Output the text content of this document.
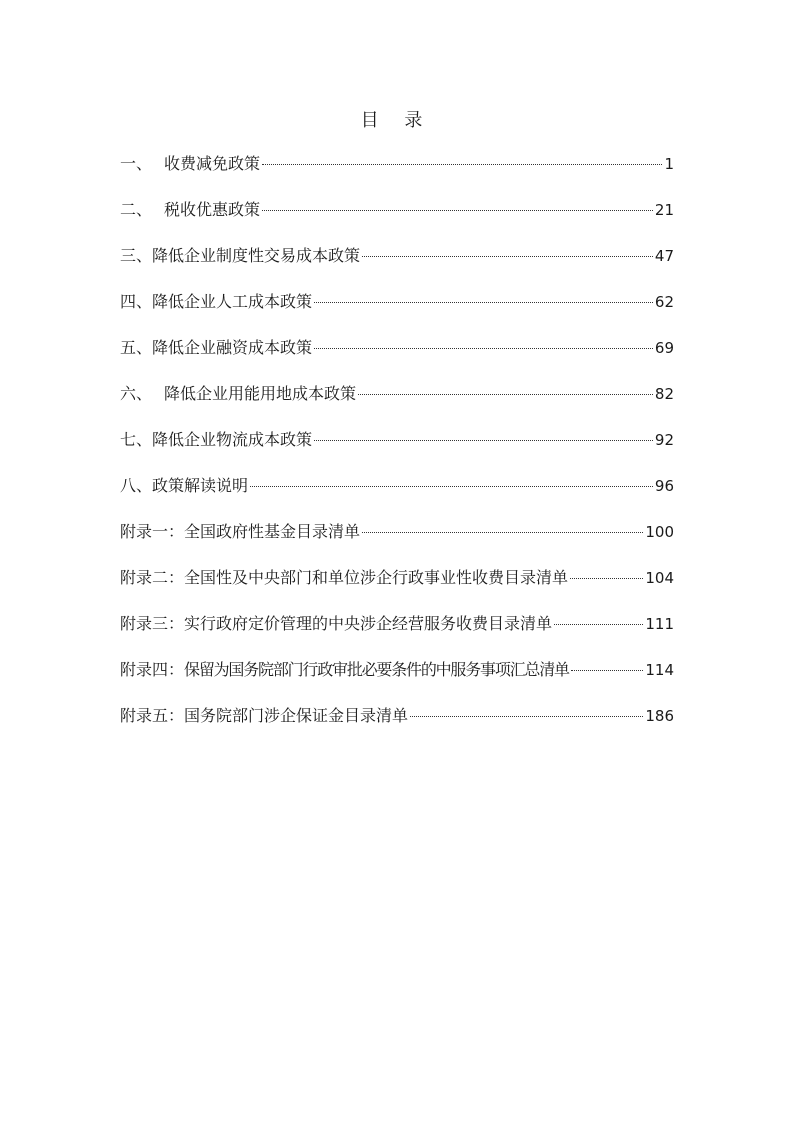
目 录
一、 收费减免政策	1
二、 税收优惠政策	21
三、降低企业制度性交易成本政策	47
四、降低企业人工成本政策	62
五、降低企业融资成本政策	69
六、 降低企业用能用地成本政策	82
七、降低企业物流成本政策	92
八、政策解读说明	96
附录一：全国政府性基金目录清单	100
附录二：全国性及中央部门和单位涉企行政事业性收费目录清单	104
附录三：实行政府定价管理的中央涉企经营服务收费目录清单	111
附录四：保留为国务院部门行政审批必要条件的中服务事项汇总清单	114
附录五：国务院部门涉企保证金目录清单	186
